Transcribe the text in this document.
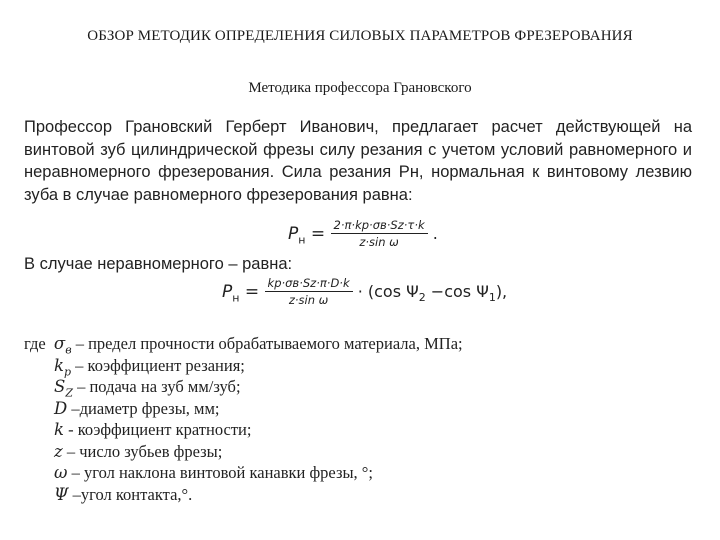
ОБЗОР МЕТОДИК ОПРЕДЕЛЕНИЯ СИЛОВЫХ ПАРАМЕТРОВ ФРЕЗЕРОВАНИЯ
Методика профессора Грановского
Профессор Грановский Герберт Иванович, предлагает расчет действующей на винтовой зуб цилиндрической фрезы силу резания с учетом условий равномерного и неравномерного фрезерования. Сила резания Pн, нормальная к винтовому лезвию зуба в случае равномерного фрезерования равна:
$P_н = \frac{2\cdot\pi\cdot kp\cdot\sigma в\cdot Sz\cdot\tau\cdot k}{\text{z·sin ω}}$ .
В случае неравномерного – равна:
$P_н = \frac{kp\cdot\sigma в\cdot Sz\cdot\pi\cdot D\cdot k}{\text{z·sin ω}} \cdot (\cos$ $\Psi_2 -\cos$ $\Psi_1$),
где $\sigma_в$ – предел прочности обрабатываемого материала, МПа;
$k_p$ – коэффициент резания;
$S_Z$ – подача на зуб мм/зуб;
D –диаметр фрезы, мм;
k - коэффициент кратности;
z – число зубьев фрезы;
ω – угол наклона винтовой канавки фрезы, °;
Ψ –угол контакта,°.
